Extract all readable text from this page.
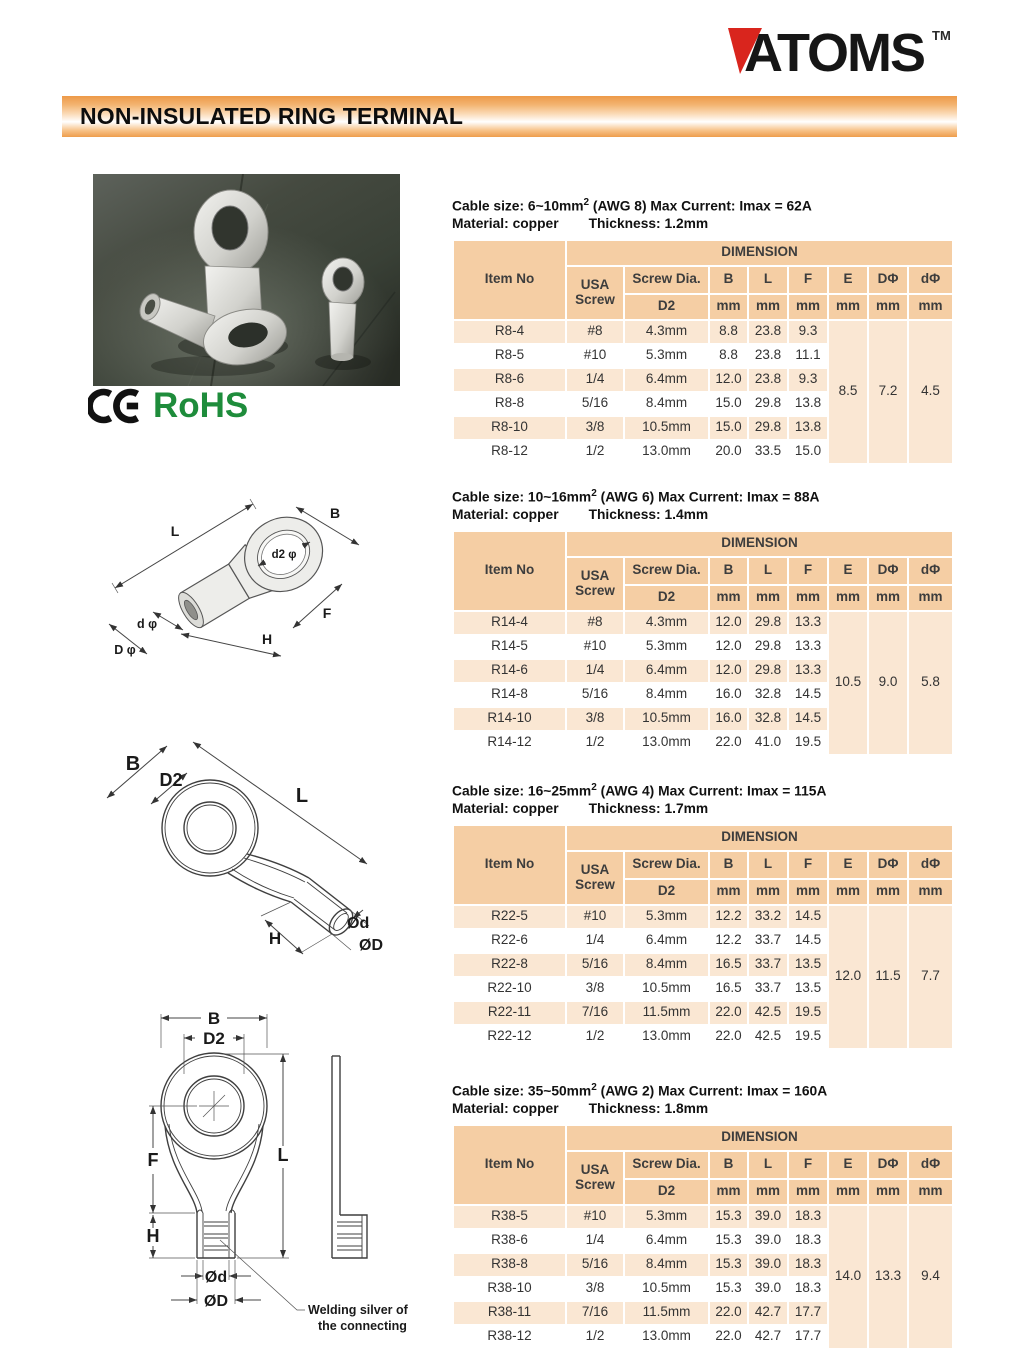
ATOMS TM
NON-INSULATED RING TERMINAL
RoHS
L
B
d2 φ
F
H
d φ
D φ
B
D2
L
H
Ød
ØD
B
D2
F
H
L
Ød
ØD	Welding silver of
the connecting
Cable size: $6\sim 10mm^2$ (AWG 8) Max Current: Imax = 62A
Material: copper Thickness: 1.2mm
Item No	DIMENSION							

	USA
Screw	Screw Dia.	B	L	F	E	DΦ	dΦ
		D2	mm	mm	mm	mm	mm	mm
R8-4	#8	4.3mm	8.8	23.8	9.3	8.5	7.2	4.5
R8-5	#10	5.3mm	8.8	23.8	11.1			
R8-6	1/4	6.4mm	12.0	23.8	9.3			
R8-8	5/16	8.4mm	15.0	29.8	13.8			
R8-10	3/8	10.5mm	15.0	29.8	13.8			
R8-12	1/2	13.0mm	20.0	33.5	15.0			
Cable size: $10\sim 16mm^2$ (AWG 6) Max Current: Imax = 88A
Material: copper Thickness: 1.4mm
Item No	DIMENSION							

	USA
Screw	Screw Dia.	B	L	F	E	DΦ	dΦ
		D2	mm	mm	mm	mm	mm	mm
R14-4	#8	4.3mm	12.0	29.8	13.3	10.5	9.0	5.8
R14-5	#10	5.3mm	12.0	29.8	13.3			
R14-6	1/4	6.4mm	12.0	29.8	13.3			
R14-8	5/16	8.4mm	16.0	32.8	14.5			
R14-10	3/8	10.5mm	16.0	32.8	14.5			
R14-12	1/2	13.0mm	22.0	41.0	19.5			
Cable size: $16\sim 25mm^2$ (AWG 4) Max Current: Imax = 115A
Material: copper Thickness: 1.7mm
Item No	DIMENSION							

	USA
Screw	Screw Dia.	B	L	F	E	DΦ	dΦ
		D2	mm	mm	mm	mm	mm	mm
R22-5	#10	5.3mm	12.2	33.2	14.5	12.0	11.5	7.7
R22-6	1/4	6.4mm	12.2	33.7	14.5			
R22-8	5/16	8.4mm	16.5	33.7	13.5			
R22-10	3/8	10.5mm	16.5	33.7	13.5			
R22-11	7/16	11.5mm	22.0	42.5	19.5			
R22-12	1/2	13.0mm	22.0	42.5	19.5			
Cable size: $35\sim 50mm^2$ (AWG 2) Max Current: Imax = 160A
Material: copper Thickness: 1.8mm
Item No	DIMENSION							

	USA
Screw	Screw Dia.	B	L	F	E	DΦ	dΦ
		D2	mm	mm	mm	mm	mm	mm
R38-5	#10	5.3mm	15.3	39.0	18.3	14.0	13.3	9.4
R38-6	1/4	6.4mm	15.3	39.0	18.3			
R38-8	5/16	8.4mm	15.3	39.0	18.3			
R38-10	3/8	10.5mm	15.3	39.0	18.3			
R38-11	7/16	11.5mm	22.0	42.7	17.7			
R38-12	1/2	13.0mm	22.0	42.7	17.7			
